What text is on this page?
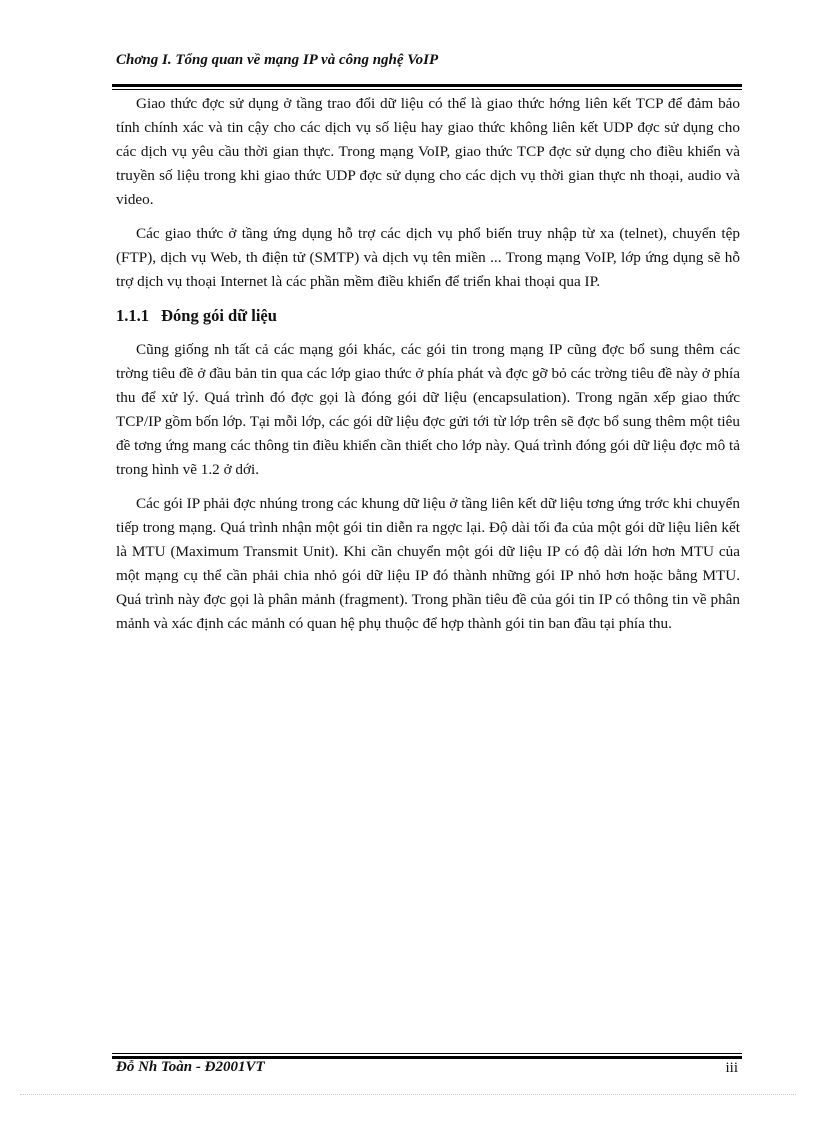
Chơng I. Tổng quan về mạng IP và công nghệ VoIP

Giao thức đợc sử dụng ở tầng trao đổi dữ liệu có thể là giao thức hớng liên kết TCP để đảm bảo tính chính xác và tin cậy cho các dịch vụ số liệu hay giao thức không liên kết UDP đợc sử dụng cho các dịch vụ yêu cầu thời gian thực. Trong mạng VoIP, giao thức TCP đợc sử dụng cho điều khiển và truyền số liệu trong khi giao thức UDP đợc sử dụng cho các dịch vụ thời gian thực nh thoại, audio và video.

Các giao thức ở tầng ứng dụng hỗ trợ các dịch vụ phổ biến truy nhập từ xa (telnet), chuyển tệp (FTP), dịch vụ Web, th điện tử (SMTP) và dịch vụ tên miền ... Trong mạng VoIP, lớp ứng dụng sẽ hỗ trợ dịch vụ thoại Internet là các phần mềm điều khiển để triển khai thoại qua IP.

1.1.1 Đóng gói dữ liệu

Cũng giống nh tất cả các mạng gói khác, các gói tin trong mạng IP cũng đợc bổ sung thêm các trờng tiêu đề ở đầu bản tin qua các lớp giao thức ở phía phát và đợc gỡ bỏ các trờng tiêu đề này ở phía thu để xử lý. Quá trình đó đợc gọi là đóng gói dữ liệu (encapsulation). Trong ngăn xếp giao thức TCP/IP gồm bốn lớp. Tại mỗi lớp, các gói dữ liệu đợc gửi tới từ lớp trên sẽ đợc bổ sung thêm một tiêu đề tơng ứng mang các thông tin điều khiển cần thiết cho lớp này. Quá trình đóng gói dữ liệu đợc mô tả trong hình vẽ 1.2 ở dới.

Các gói IP phải đợc nhúng trong các khung dữ liệu ở tầng liên kết dữ liệu tơng ứng trớc khi chuyển tiếp trong mạng. Quá trình nhận một gói tin diễn ra ngợc lại. Độ dài tối đa của một gói dữ liệu liên kết là MTU (Maximum Transmit Unit). Khi cần chuyển một gói dữ liệu IP có độ dài lớn hơn MTU của một mạng cụ thể cần phải chia nhỏ gói dữ liệu IP đó thành những gói IP nhỏ hơn hoặc bằng MTU. Quá trình này đợc gọi là phân mảnh (fragment). Trong phần tiêu đề của gói tin IP có thông tin về phân mảnh và xác định các mảnh có quan hệ phụ thuộc để hợp thành gói tin ban đầu tại phía thu.

Đỗ Nh Toàn - Đ2001VT	iii
